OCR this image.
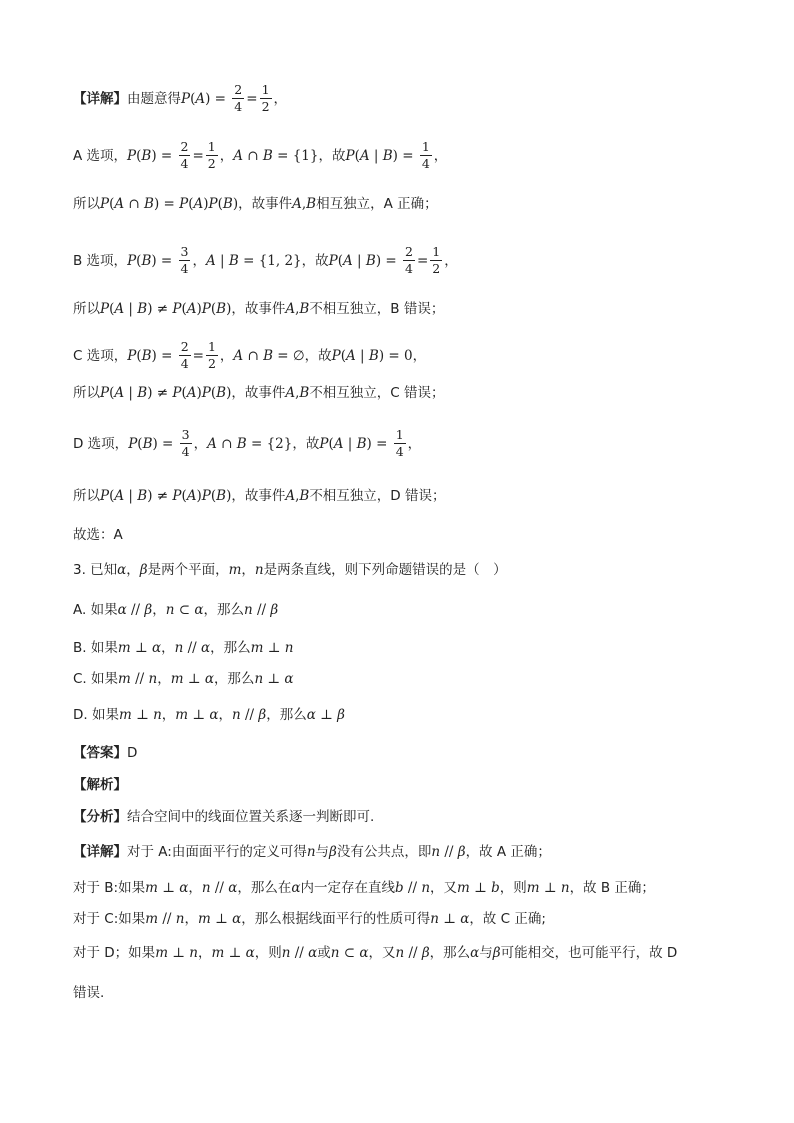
【详解】 由题意得 P ( A ) = $\frac{2}{4} = \frac{1}{2}$ ，
A 选项， P ( B ) = $\frac{2}{4} = \frac{1}{2}$ ， A ∩ B = {1} ，故 P ( A | B ) = $\frac{1}{4}$ ，
所以 P ( A ∩ B ) = P ( A ) P ( B ) ，故事件 A , B 相互独立，A 正确；
B 选项， P ( B ) = $\frac{3}{4}$ ， A | B = {1, 2} ，故 P ( A | B ) = $\frac{2}{4} = \frac{1}{2}$ ，
所以 P ( A | B ) ≠ P ( A ) P ( B ) ，故事件 A , B 不相互独立，B 错误；
C 选项， P ( B ) = $\frac{2}{4} = \frac{1}{2}$ ， A ∩ B = ∅ ，故 P ( A | B ) = 0 ，
所以 P ( A | B ) ≠ P ( A ) P ( B ) ，故事件 A , B 不相互独立，C 错误；
D 选项， P ( B ) = $\frac{3}{4}$ ， A ∩ B = {2} ，故 P ( A | B ) = $\frac{1}{4}$ ，
所以 P ( A | B ) ≠ P ( A ) P ( B ) ，故事件 A , B 不相互独立，D 错误；
故选：A
3. 已知 α ， β 是两个平面， m ， n 是两条直线，则下列命题错误的是（　）
A. 如果 α // β ， n ⊂ α ，那么 n // β
B. 如果 m ⊥ α ， n // α ，那么 m ⊥ n
C. 如果 m // n ， m ⊥ α ，那么 n ⊥ α
D. 如果 m ⊥ n ， m ⊥ α ， n // β ，那么 α ⊥ β
【答案】 D
【解析】
【分析】 结合空间中的线面位置关系逐一判断即可.
【详解】 对于 A:由面面平行的定义可得 n 与 β 没有公共点，即 n // β ，故 A 正确；
对于 B:如果 m ⊥ α ， n // α ，那么在 α 内一定存在直线 b // n ，又 m ⊥ b ，则 m ⊥ n ，故 B 正确；
对于 C:如果 m // n ， m ⊥ α ，那么根据线面平行的性质可得 n ⊥ α ，故 C 正确;
对于 D；如果 m ⊥ n ， m ⊥ α ，则 n // α 或 n ⊂ α ，又 n // β ，那么 α 与 β 可能相交，也可能平行，故 D
错误.
